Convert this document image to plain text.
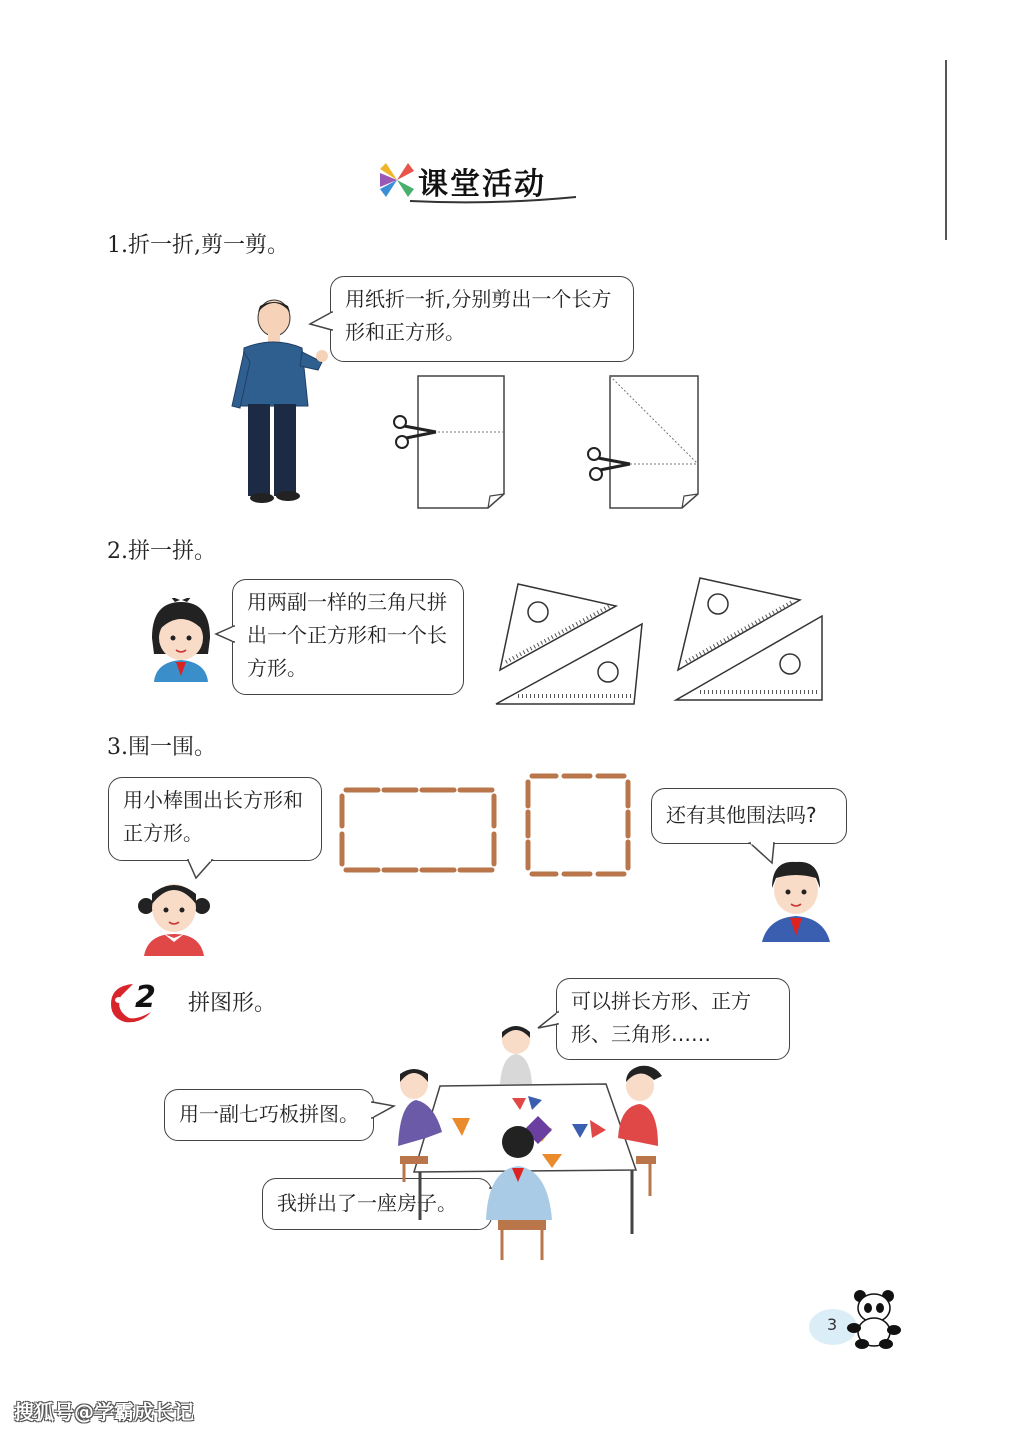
课堂活动
1.折一折,剪一剪。
用纸折一折,分别剪出一个长方形和正方形。
2.拼一拼。
用两副一样的三角尺拼出一个正方形和一个长方形。
3.围一围。
用小棒围出长方形和正方形。
还有其他围法吗?
2 拼图形。	可以拼长方形、正方形、三角形……
用一副七巧板拼图。
我拼出了一座房子。
3
搜狐号@学霸成长记
